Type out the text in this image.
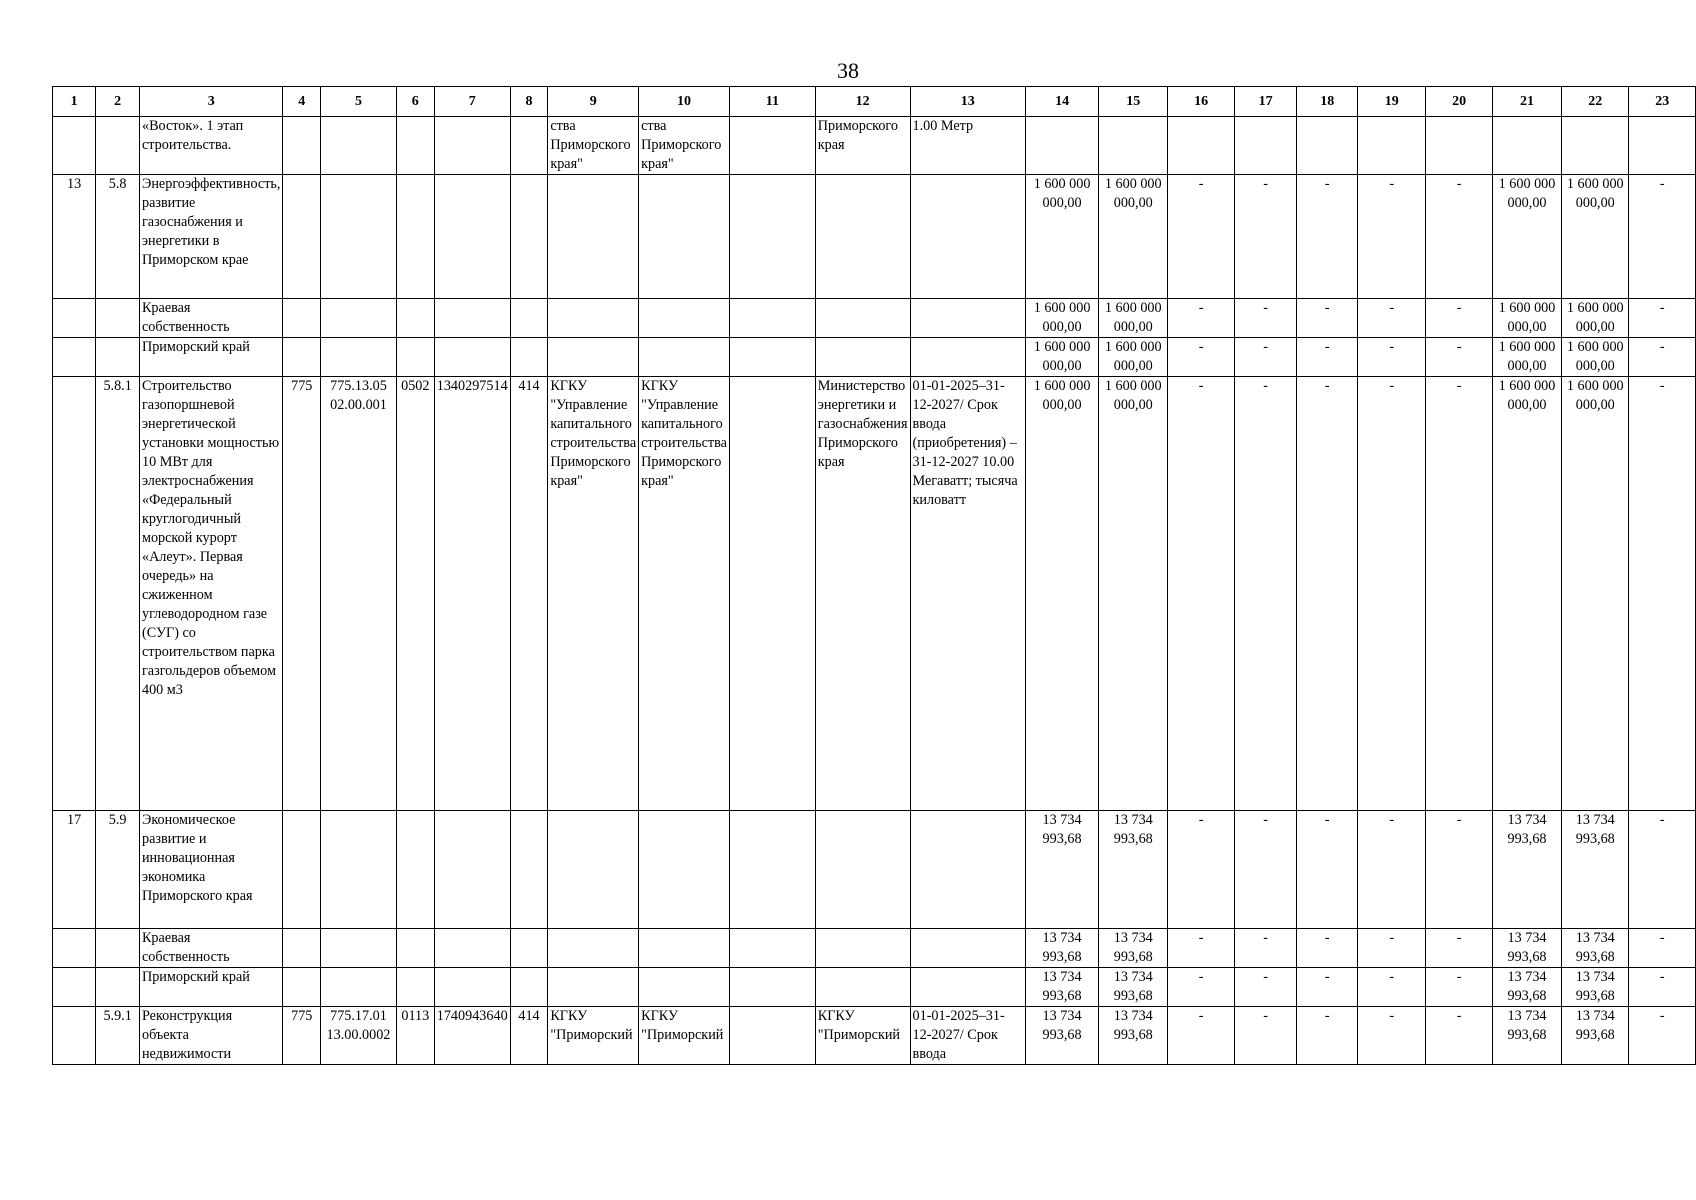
38
1	2	3	4	5	6	7	8	9	10	11	12	13	14	15	16	17	18	19	20	21	22	23
		«Восток». 1 этап строительства.						ства Приморского края"	ства Приморского края"		Приморского края	1.00 Метр										
13	5.8	Энергоэффективность, развитие газоснабжения и энергетики в Приморском крае											1 600 000 000,00	1 600 000 000,00	-	-	-	-	-	1 600 000 000,00	1 600 000 000,00	-
		Краевая собственность											1 600 000 000,00	1 600 000 000,00	-	-	-	-	-	1 600 000 000,00	1 600 000 000,00	-
		Приморский край											1 600 000 000,00	1 600 000 000,00	-	-	-	-	-	1 600 000 000,00	1 600 000 000,00	-
	5.8.1	Строительство газопоршневой энергетической установки мощностью 10 МВт для электроснабжения «Федеральный круглогодичный морской курорт «Алеут». Первая очередь» на сжиженном углеводородном газе (СУГ) со строительством парка газгольдеров объемом 400 м3	775	775.13.05 02.00.001	0502	1340297514	414	КГКУ "Управление капитального строительства Приморского края"	КГКУ "Управление капитального строительства Приморского края"		Министерство энергетики и газоснабжения Приморского края	01-01-2025–31-12-2027/ Срок ввода (приобретения) – 31-12-2027 10.00 Мегаватт; тысяча киловатт	1 600 000 000,00	1 600 000 000,00	-	-	-	-	-	1 600 000 000,00	1 600 000 000,00	-
17	5.9	Экономическое развитие и инновационная экономика Приморского края											13 734 993,68	13 734 993,68	-	-	-	-	-	13 734 993,68	13 734 993,68	-
		Краевая собственность											13 734 993,68	13 734 993,68	-	-	-	-	-	13 734 993,68	13 734 993,68	-
		Приморский край											13 734 993,68	13 734 993,68	-	-	-	-	-	13 734 993,68	13 734 993,68	-
	5.9.1	Реконструкция объекта недвижимости	775	775.17.01 13.00.0002	0113	1740943640	414	КГКУ "Приморский	КГКУ "Приморский		КГКУ "Приморский	01-01-2025–31-12-2027/ Срок ввода	13 734 993,68	13 734 993,68	-	-	-	-	-	13 734 993,68	13 734 993,68	-
